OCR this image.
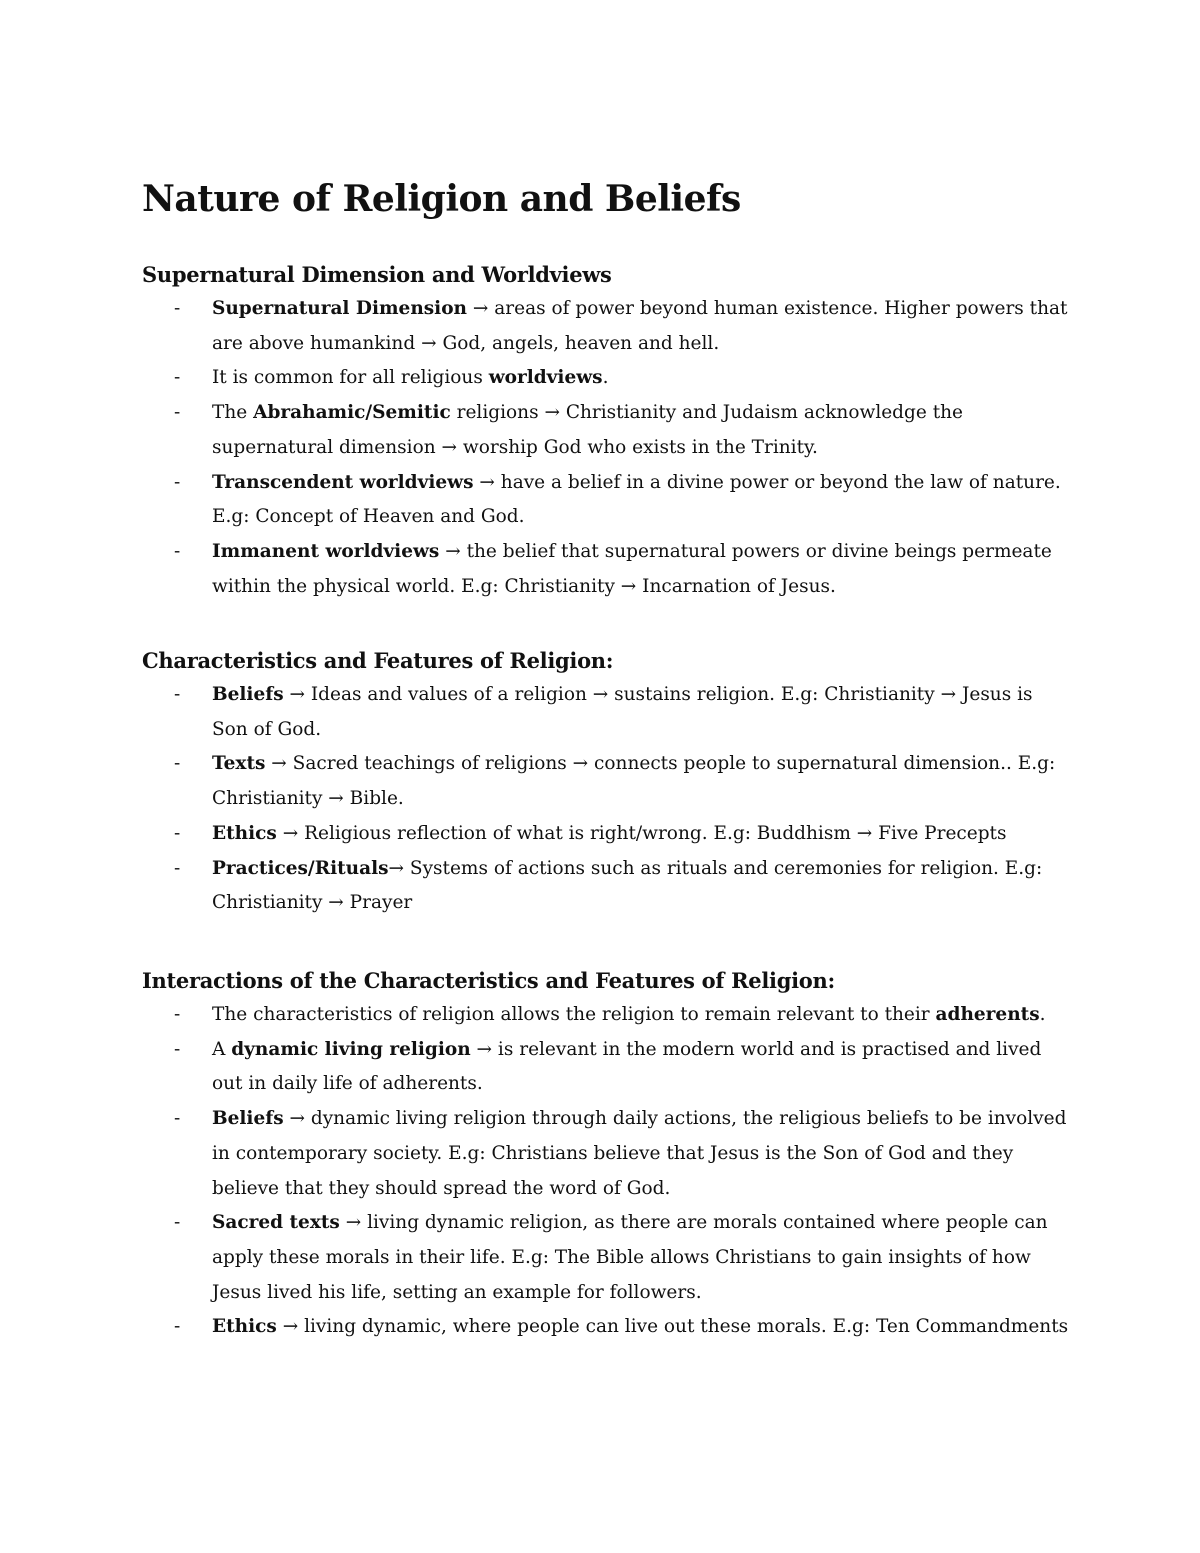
Nature of Religion and Beliefs
Supernatural Dimension and Worldviews
- Supernatural Dimension → areas of power beyond human existence. Higher powers that are above humankind → God, angels, heaven and hell.
- It is common for all religious worldviews.
- The Abrahamic/Semitic religions → Christianity and Judaism acknowledge the supernatural dimension → worship God who exists in the Trinity.
- Transcendent worldviews → have a belief in a divine power or beyond the law of nature. E.g: Concept of Heaven and God.
- Immanent worldviews → the belief that supernatural powers or divine beings permeate within the physical world. E.g: Christianity → Incarnation of Jesus.
Characteristics and Features of Religion:
- Beliefs → Ideas and values of a religion → sustains religion. E.g: Christianity → Jesus is Son of God.
- Texts → Sacred teachings of religions → connects people to supernatural dimension.. E.g: Christianity → Bible.
- Ethics → Religious reflection of what is right/wrong. E.g: Buddhism → Five Precepts
- Practices/Rituals→ Systems of actions such as rituals and ceremonies for religion. E.g: Christianity → Prayer
Interactions of the Characteristics and Features of Religion:
- The characteristics of religion allows the religion to remain relevant to their adherents.
- A dynamic living religion → is relevant in the modern world and is practised and lived out in daily life of adherents.
- Beliefs → dynamic living religion through daily actions, the religious beliefs to be involved in contemporary society. E.g: Christians believe that Jesus is the Son of God and they believe that they should spread the word of God.
- Sacred texts → living dynamic religion, as there are morals contained where people can apply these morals in their life. E.g: The Bible allows Christians to gain insights of how Jesus lived his life, setting an example for followers.
- Ethics → living dynamic, where people can live out these morals. E.g: Ten Commandments
